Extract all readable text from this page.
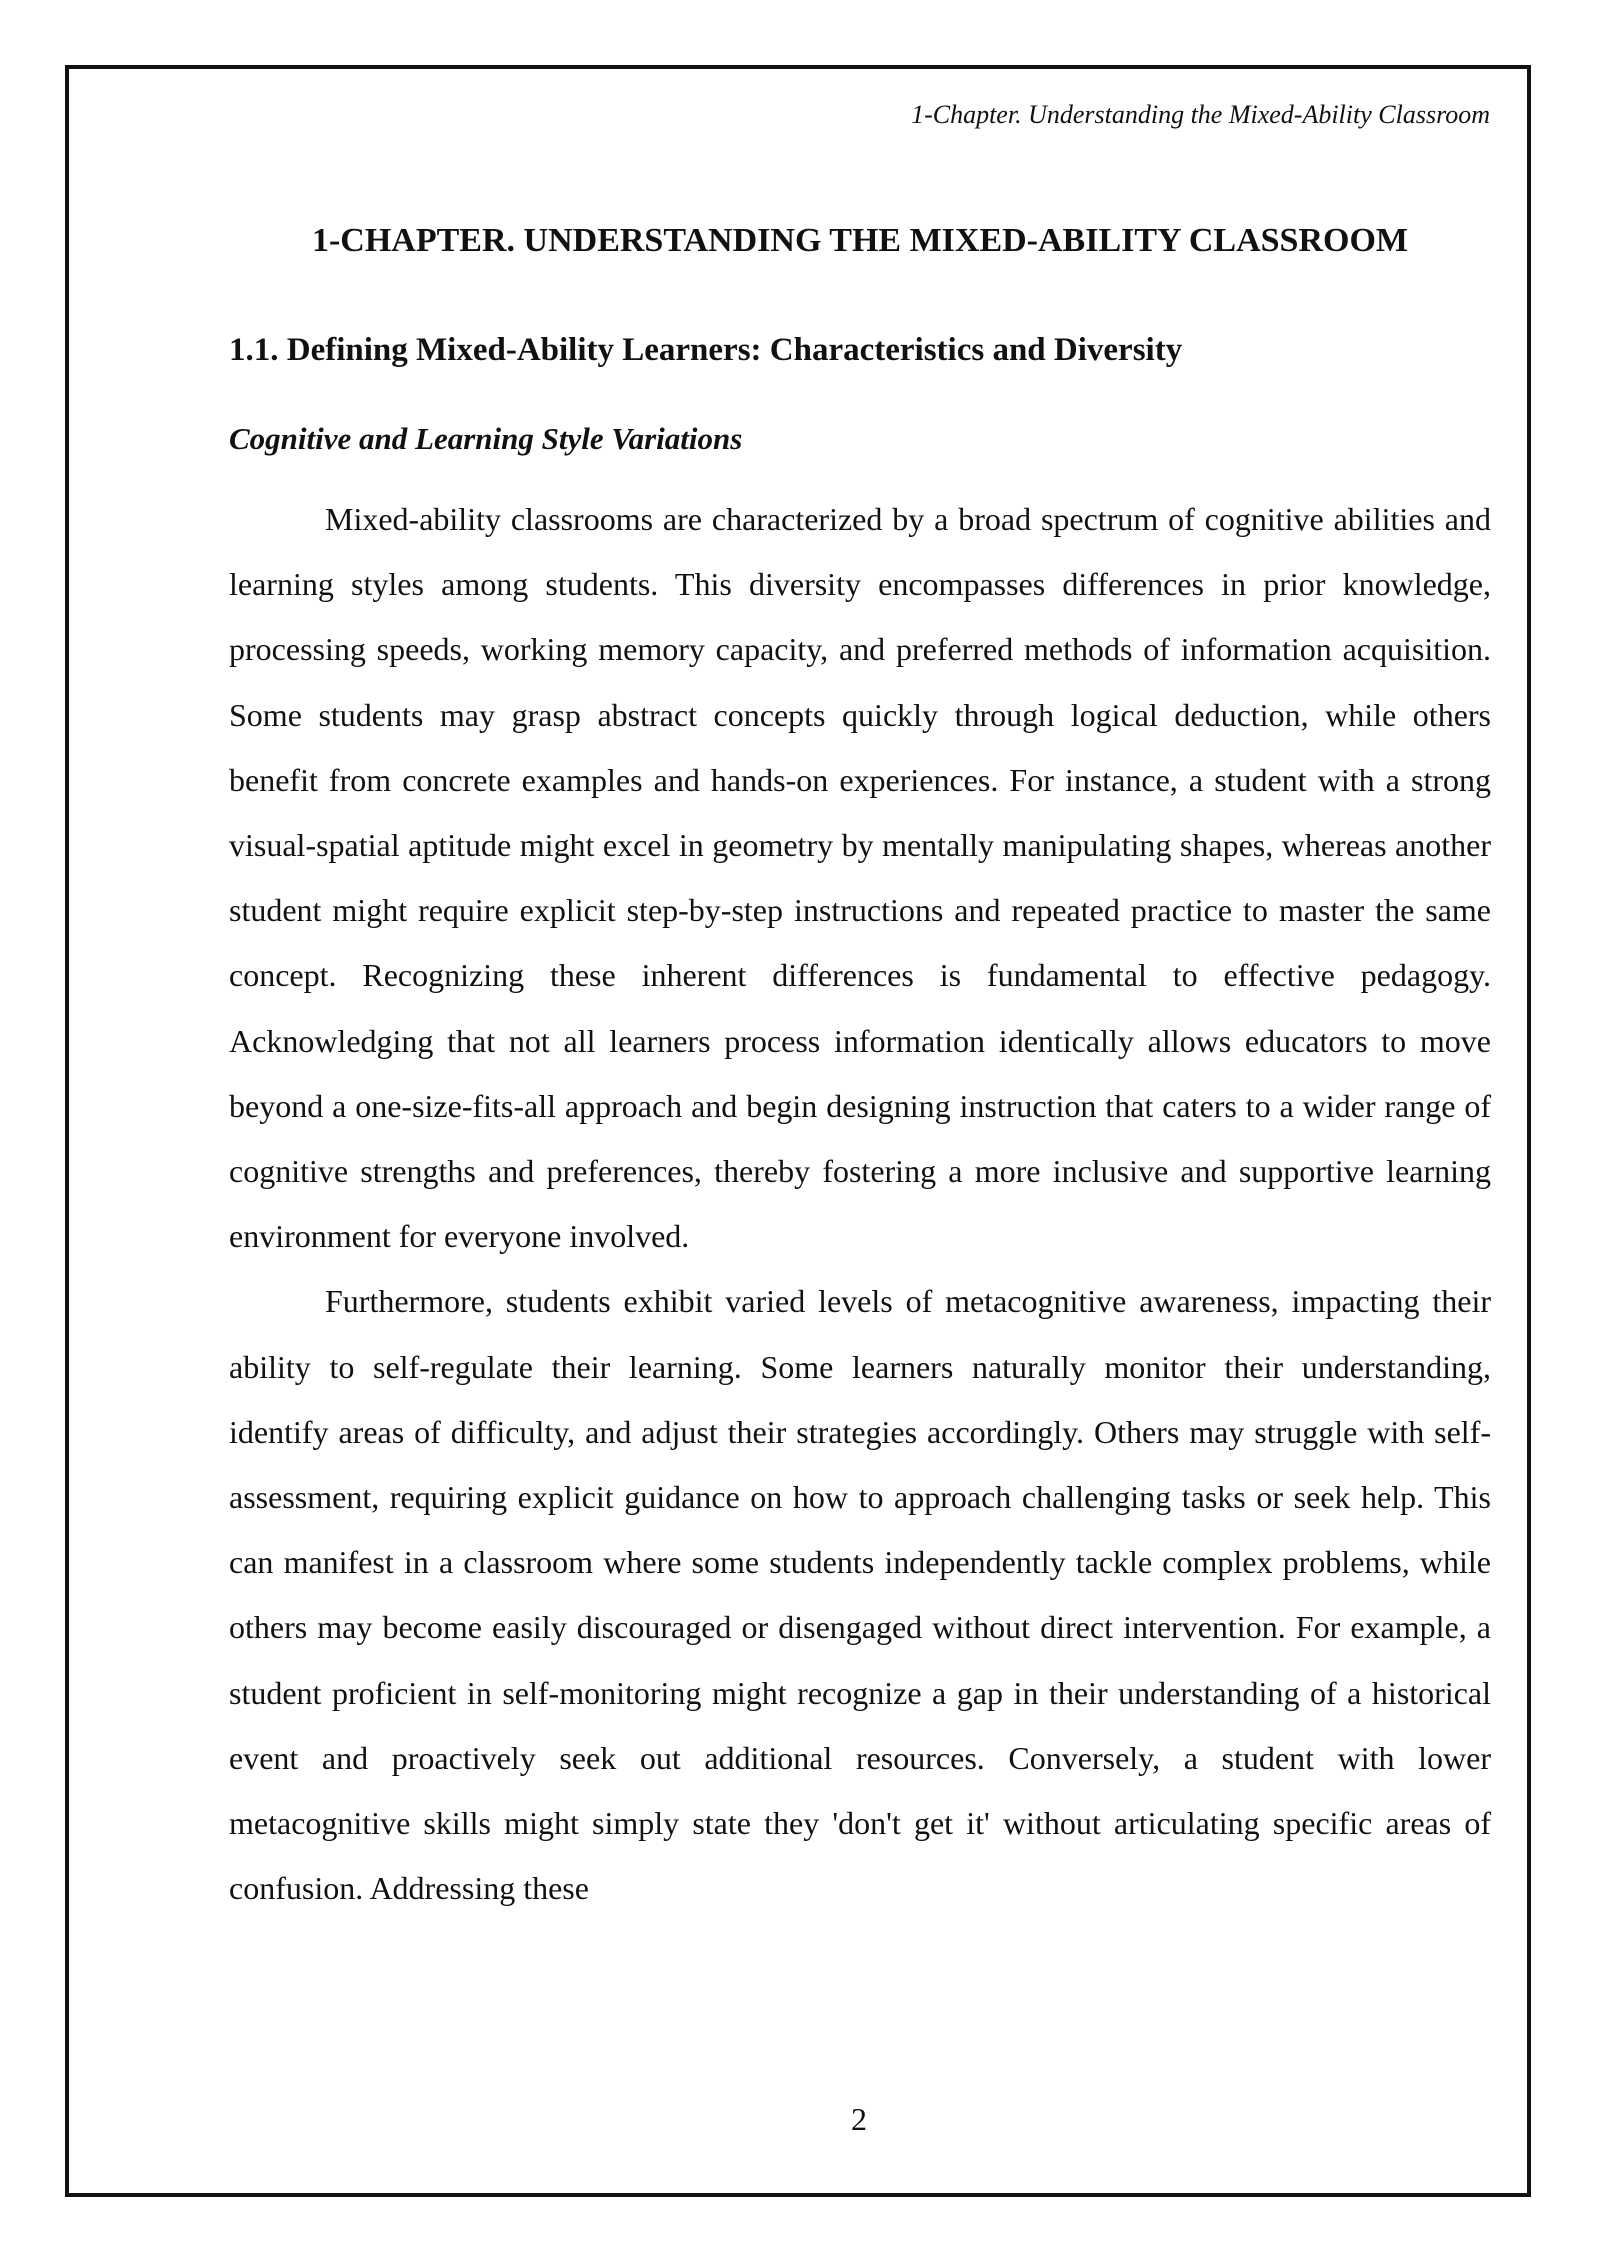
1-Chapter. Understanding the Mixed-Ability Classroom
1-CHAPTER. UNDERSTANDING THE MIXED-ABILITY CLASSROOM
1.1. Defining Mixed-Ability Learners: Characteristics and Diversity
Cognitive and Learning Style Variations

Mixed-ability classrooms are characterized by a broad spectrum of cognitive abilities and learning styles among students. This diversity encompasses differences in prior knowledge, processing speeds, working memory capacity, and preferred methods of information acquisition. Some students may grasp abstract concepts quickly through logical deduction, while others benefit from concrete examples and hands-on experiences. For instance, a student with a strong visual-spatial aptitude might excel in geometry by mentally manipulating shapes, whereas another student might require explicit step-by-step instructions and repeated practice to master the same concept. Recognizing these inherent differences is fundamental to effective pedagogy. Acknowledging that not all learners process information identically allows educators to move beyond a one-size-fits-all approach and begin designing instruction that caters to a wider range of cognitive strengths and preferences, thereby fostering a more inclusive and supportive learning environment for everyone involved.

Furthermore, students exhibit varied levels of metacognitive awareness, impacting their ability to self-regulate their learning. Some learners naturally monitor their understanding, identify areas of difficulty, and adjust their strategies accordingly. Others may struggle with self-assessment, requiring explicit guidance on how to approach challenging tasks or seek help. This can manifest in a classroom where some students independently tackle complex problems, while others may become easily discouraged or disengaged without direct intervention. For example, a student proficient in self-monitoring might recognize a gap in their understanding of a historical event and proactively seek out additional resources. Conversely, a student with lower metacognitive skills might simply state they 'don't get it' without articulating specific areas of confusion. Addressing these

2
